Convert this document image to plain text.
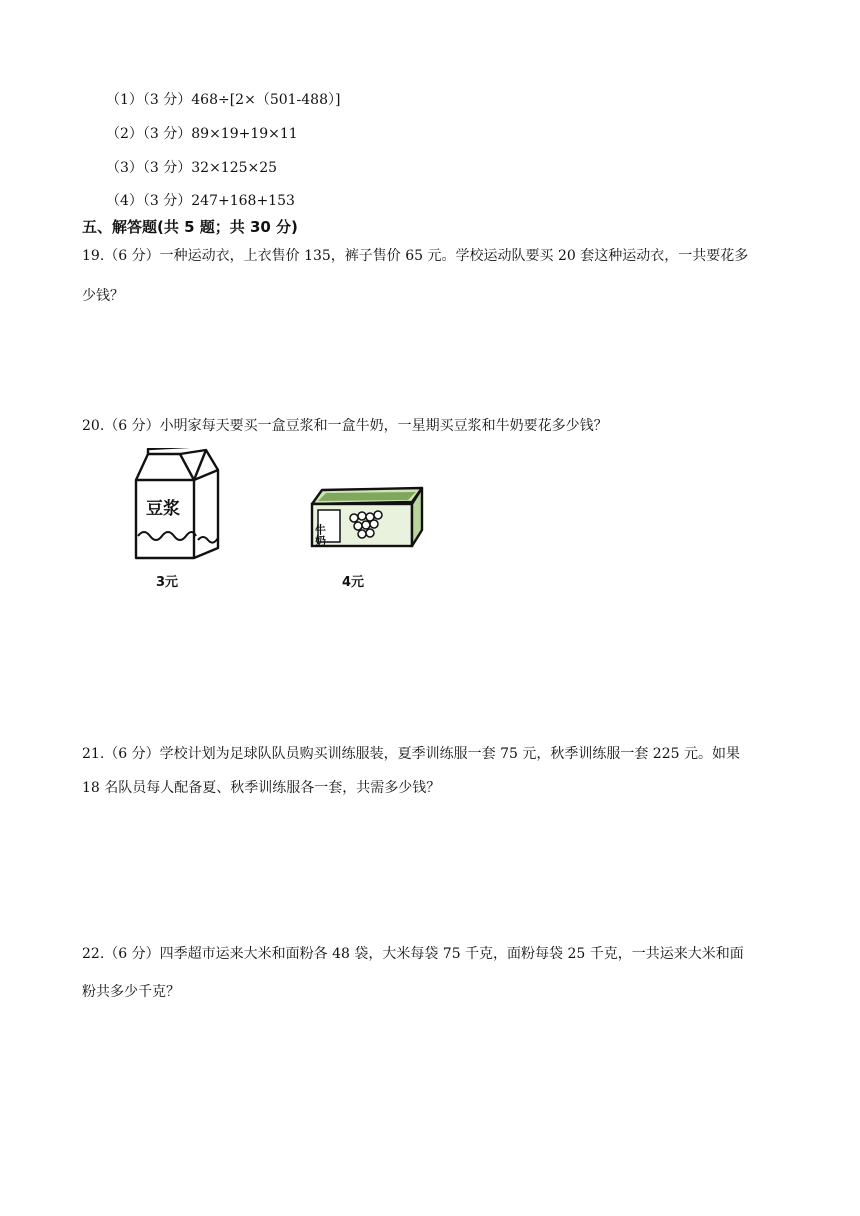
（1）（3 分）468÷[2×（501-488）]
（2）（3 分）89×19+19×11
（3）（3 分）32×125×25
（4）（3 分）247+168+153
五、解答题(共 5 题；共 30 分)
19.（6 分）一种运动衣，上衣售价 135，裤子售价 65 元。学校运动队要买 20 套这种运动衣，一共要花多
少钱？
20.（6 分）小明家每天要买一盒豆浆和一盒牛奶，一星期买豆浆和牛奶要花多少钱？
豆浆
3元
牛奶
4元
21.（6 分）学校计划为足球队队员购买训练服装，夏季训练服一套 75 元，秋季训练服一套 225 元。如果
18 名队员每人配备夏、秋季训练服各一套，共需多少钱？
22.（6 分）四季超市运来大米和面粉各 48 袋，大米每袋 75 千克，面粉每袋 25 千克，一共运来大米和面
粉共多少千克？
